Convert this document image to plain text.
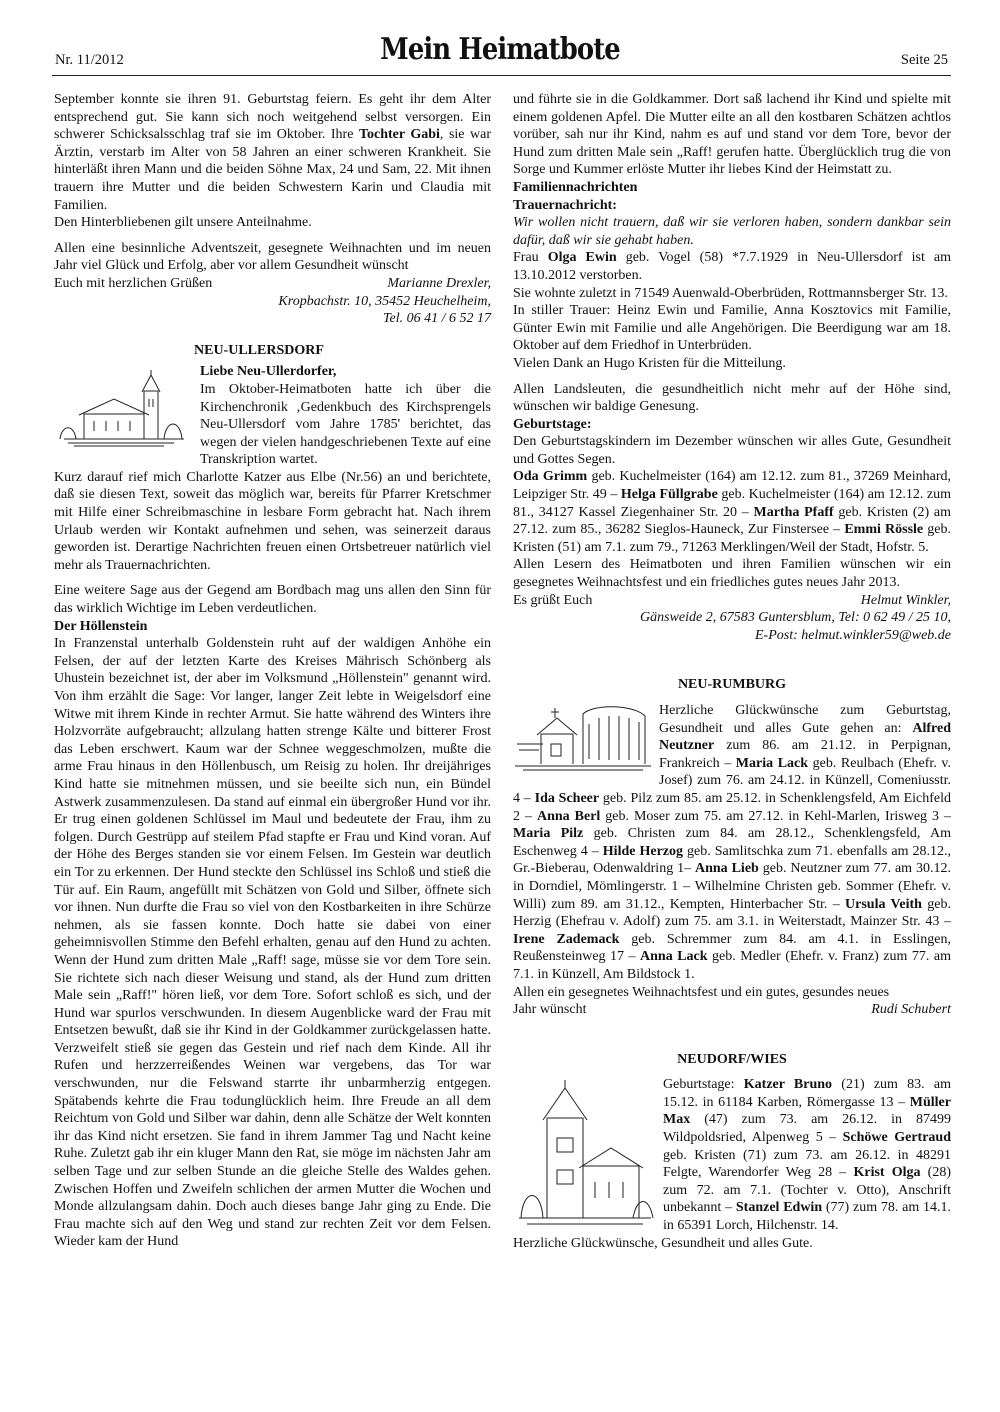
Nr. 11/2012	Mein Heimatbote	Seite 25

September konnte sie ihren 91. Geburtstag feiern. Es geht ihr dem Alter entsprechend gut. Sie kann sich noch weitgehend selbst versorgen. Ein schwerer Schicksalsschlag traf sie im Oktober. Ihre Tochter Gabi, sie war Ärztin, verstarb im Alter von 58 Jahren an einer schweren Krankheit. Sie hinterläßt ihren Mann und die beiden Söhne Max, 24 und Sam, 22. Mit ihnen trauern ihre Mutter und die beiden Schwestern Karin und Claudia mit Familien.

Den Hinterbliebenen gilt unsere Anteilnahme.

Allen eine besinnliche Adventszeit, gesegnete Weihnachten und im neuen Jahr viel Glück und Erfolg, aber vor allem Gesundheit wünscht

Euch mit herzlichen Grüßen	Marianne Drexler,

Kropbachstr. 10, 35452 Heuchelheim,

Tel. 06 41 / 6 52 17

NEU-ULLERSDORF

Liebe Neu-Ullerdorfer,

Im Oktober-Heimatboten hatte ich über die Kirchenchronik ‚Gedenkbuch des Kirchsprengels Neu-Ullersdorf vom Jahre 1785' berichtet, das wegen der vielen handgeschriebenen Texte auf eine Transkription wartet.

Kurz darauf rief mich Charlotte Katzer aus Elbe (Nr.56) an und berichtete, daß sie diesen Text, soweit das möglich war, bereits für Pfarrer Kretschmer mit Hilfe einer Schreibmaschine in lesbare Form gebracht hat. Nach ihrem Urlaub werden wir Kontakt aufnehmen und sehen, was seinerzeit daraus geworden ist. Derartige Nachrichten freuen einen Ortsbetreuer natürlich viel mehr als Trauernachrichten.

Eine weitere Sage aus der Gegend am Bordbach mag uns allen den Sinn für das wirklich Wichtige im Leben verdeutlichen.

Der Höllenstein

In Franzenstal unterhalb Goldenstein ruht auf der waldigen Anhöhe ein Felsen, der auf der letzten Karte des Kreises Mährisch Schönberg als Uhustein bezeichnet ist, der aber im Volksmund „Höllenstein" genannt wird. Von ihm erzählt die Sage: Vor langer, langer Zeit lebte in Weigelsdorf eine Witwe mit ihrem Kinde in rechter Armut. Sie hatte während des Winters ihre Holzvorräte aufgebraucht; allzulang hatten strenge Kälte und bitterer Frost das Leben erschwert. Kaum war der Schnee weggeschmolzen, mußte die arme Frau hinaus in den Höllenbusch, um Reisig zu holen. Ihr dreijähriges Kind hatte sie mitnehmen müssen, und sie beeilte sich nun, ein Bündel Astwerk zusammenzulesen. Da stand auf einmal ein übergroßer Hund vor ihr. Er trug einen goldenen Schlüssel im Maul und bedeutete der Frau, ihm zu folgen. Durch Gestrüpp auf steilem Pfad stapfte er Frau und Kind voran. Auf der Höhe des Berges standen sie vor einem Felsen. Im Gestein war deutlich ein Tor zu erkennen. Der Hund steckte den Schlüssel ins Schloß und stieß die Tür auf. Ein Raum, angefüllt mit Schätzen von Gold und Silber, öffnete sich vor ihnen. Nun durfte die Frau so viel von den Kostbarkeiten in ihre Schürze nehmen, als sie fassen konnte. Doch hatte sie dabei von einer geheimnisvollen Stimme den Befehl erhalten, genau auf den Hund zu achten. Wenn der Hund zum dritten Male „Raff! sage, müsse sie vor dem Tore sein. Sie richtete sich nach dieser Weisung und stand, als der Hund zum dritten Male sein „Raff!" hören ließ, vor dem Tore. Sofort schloß es sich, und der Hund war spurlos verschwunden. In diesem Augenblicke ward der Frau mit Entsetzen bewußt, daß sie ihr Kind in der Goldkammer zurückgelassen hatte. Verzweifelt stieß sie gegen das Gestein und rief nach dem Kinde. All ihr Rufen und herzzerreißendes Weinen war vergebens, das Tor war verschwunden, nur die Felswand starrte ihr unbarmherzig entgegen. Spätabends kehrte die Frau todunglücklich heim. Ihre Freude an all dem Reichtum von Gold und Silber war dahin, denn alle Schätze der Welt konnten ihr das Kind nicht ersetzen. Sie fand in ihrem Jammer Tag und Nacht keine Ruhe. Zuletzt gab ihr ein kluger Mann den Rat, sie möge im nächsten Jahr am selben Tage und zur selben Stunde an die gleiche Stelle des Waldes gehen. Zwischen Hoffen und Zweifeln schlichen der armen Mutter die Wochen und Monde allzulangsam dahin. Doch auch dieses bange Jahr ging zu Ende. Die Frau machte sich auf den Weg und stand zur rechten Zeit vor dem Felsen. Wieder kam der Hund

und führte sie in die Goldkammer. Dort saß lachend ihr Kind und spielte mit einem goldenen Apfel. Die Mutter eilte an all den kostbaren Schätzen achtlos vorüber, sah nur ihr Kind, nahm es auf und stand vor dem Tore, bevor der Hund zum dritten Male sein „Raff! gerufen hatte. Überglücklich trug die von Sorge und Kummer erlöste Mutter ihr liebes Kind der Heimstatt zu.

Familiennachrichten

Trauernachricht:

Wir wollen nicht trauern, daß wir sie verloren haben, sondern dankbar sein dafür, daß wir sie gehabt haben.

Frau Olga Ewin geb. Vogel (58) *7.7.1929 in Neu-Ullersdorf ist am 13.10.2012 verstorben.

Sie wohnte zuletzt in 71549 Auenwald-Oberbrüden, Rottmannsberger Str. 13.

In stiller Trauer: Heinz Ewin und Familie, Anna Kosztovics mit Familie, Günter Ewin mit Familie und alle Angehörigen. Die Beerdigung war am 18. Oktober auf dem Friedhof in Unterbrüden.

Vielen Dank an Hugo Kristen für die Mitteilung.

Allen Landsleuten, die gesundheitlich nicht mehr auf der Höhe sind, wünschen wir baldige Genesung.

Geburtstage:

Den Geburtstagskindern im Dezember wünschen wir alles Gute, Gesundheit und Gottes Segen.

Oda Grimm geb. Kuchelmeister (164) am 12.12. zum 81., 37269 Meinhard, Leipziger Str. 49 – Helga Füllgrabe geb. Kuchelmeister (164) am 12.12. zum 81., 34127 Kassel Ziegenhainer Str. 20 – Martha Pfaff geb. Kristen (2) am 27.12. zum 85., 36282 Sieglos-Hauneck, Zur Finstersee – Emmi Rössle geb. Kristen (51) am 7.1. zum 79., 71263 Merklingen/Weil der Stadt, Hofstr. 5.

Allen Lesern des Heimatboten und ihren Familien wünschen wir ein gesegnetes Weihnachtsfest und ein friedliches gutes neues Jahr 2013.

Es grüßt Euch	Helmut Winkler,

Gänsweide 2, 67583 Guntersblum, Tel: 0 62 49 / 25 10,

E-Post: helmut.winkler59@web.de

NEU-RUMBURG

Herzliche Glückwünsche zum Geburtstag, Gesundheit und alles Gute gehen an: Alfred Neutzner zum 86. am 21.12. in Perpignan, Frankreich – Maria Lack geb. Reulbach (Ehefr. v. Josef) zum 76. am 24.12. in Künzell, Comeniusstr. 4 – Ida Scheer geb. Pilz zum 85. am 25.12. in Schenklengsfeld, Am Eichfeld 2 – Anna Berl geb. Moser zum 75. am 27.12. in Kehl-Marlen, Irisweg 3 – Maria Pilz geb. Christen zum 84. am 28.12., Schenklengsfeld, Am Eschenweg 4 – Hilde Herzog geb. Samlitschka zum 71. ebenfalls am 28.12., Gr.-Bieberau, Odenwaldring 1– Anna Lieb geb. Neutzner zum 77. am 30.12. in Dorndiel, Mömlingerstr. 1 – Wilhelmine Christen geb. Sommer (Ehefr. v. Willi) zum 89. am 31.12., Kempten, Hinterbacher Str. – Ursula Veith geb. Herzig (Ehefrau v. Adolf) zum 75. am 3.1. in Weiterstadt, Mainzer Str. 43 – Irene Zademack geb. Schremmer zum 84. am 4.1. in Esslingen, Reußensteinweg 17 – Anna Lack geb. Medler (Ehefr. v. Franz) zum 77. am 7.1. in Künzell, Am Bildstock 1.

Allen ein gesegnetes Weihnachtsfest und ein gutes, gesundes neues

Jahr wünscht	Rudi Schubert

NEUDORF/WIES

Geburtstage: Katzer Bruno (21) zum 83. am 15.12. in 61184 Karben, Römergasse 13 – Müller Max (47) zum 73. am 26.12. in 87499 Wildpoldsried, Alpenweg 5 – Schöwe Gertraud geb. Kristen (71) zum 73. am 26.12. in 48291 Felgte, Warendorfer Weg 28 – Krist Olga (28) zum 72. am 7.1. (Tochter v. Otto), Anschrift unbekannt – Stanzel Edwin (77) zum 78. am 14.1. in 65391 Lorch, Hilchenstr. 14.

Herzliche Glückwünsche, Gesundheit und alles Gute.
